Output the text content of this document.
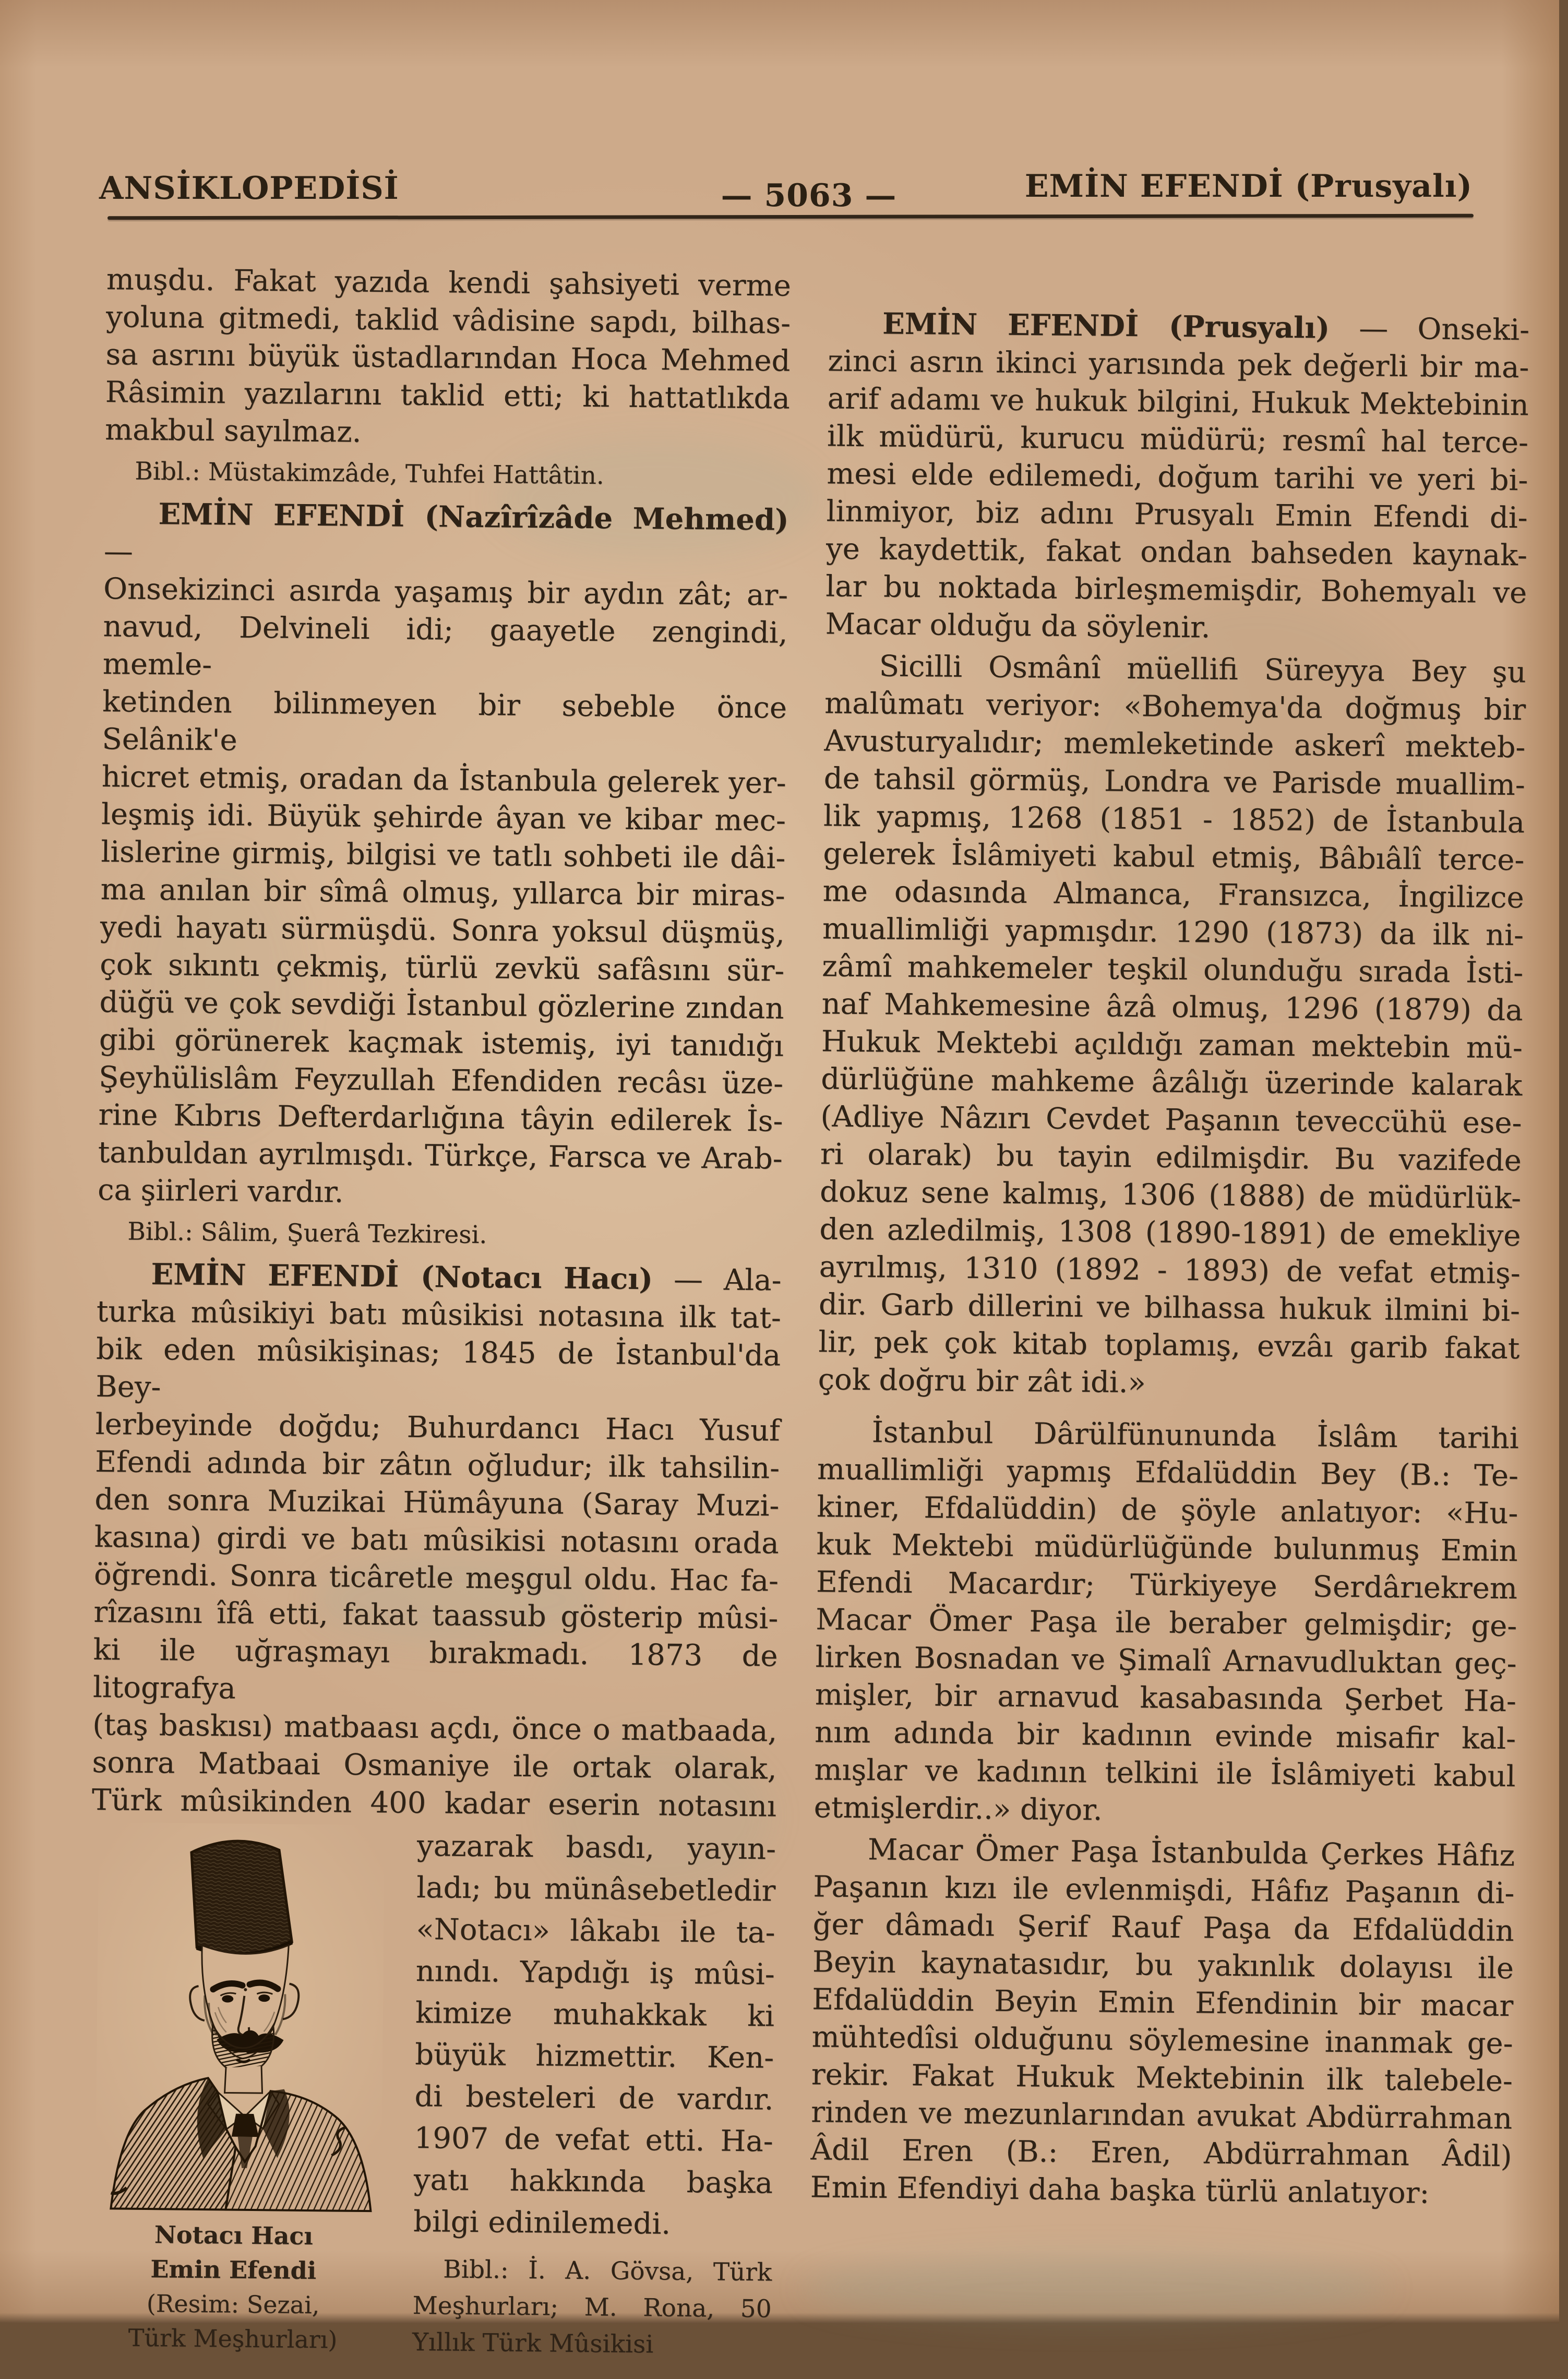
ANSİKLOPEDİSİ	— 5063 —	EMİN EFENDİ (Prusyalı)
muşdu. Fakat yazıda kendi şahsiyeti verme
yoluna gitmedi, taklid vâdisine sapdı, bilhas-
sa asrını büyük üstadlarından Hoca Mehmed
Râsimin yazılarını taklid etti; ki hattatlıkda
makbul sayılmaz.
Bibl.: Müstakimzâde, Tuhfei Hattâtin.
EMİN EFENDİ (Nazîrîzâde Mehmed) —
Onsekizinci asırda yaşamış bir aydın zât; ar-
navud, Delvineli idi; gaayetle zengindi, memle-
ketinden bilinmeyen bir sebeble önce Selânik'e
hicret etmiş, oradan da İstanbula gelerek yer-
leşmiş idi. Büyük şehirde âyan ve kibar mec-
lislerine girmiş, bilgisi ve tatlı sohbeti ile dâi-
ma anılan bir sîmâ olmuş, yıllarca bir miras-
yedi hayatı sürmüşdü. Sonra yoksul düşmüş,
çok sıkıntı çekmiş, türlü zevkü safâsını sür-
düğü ve çok sevdiği İstanbul gözlerine zından
gibi görünerek kaçmak istemiş, iyi tanıdığı
Şeyhülislâm Feyzullah Efendiden recâsı üze-
rine Kıbrıs Defterdarlığına tâyin edilerek İs-
tanbuldan ayrılmışdı. Türkçe, Farsca ve Arab-
ca şiirleri vardır.
Bibl.: Sâlim, Şuerâ Tezkiresi.
EMİN EFENDİ (Notacı Hacı) — Ala-
turka mûsikiyi batı mûsikisi notasına ilk tat-
bik eden mûsikişinas; 1845 de İstanbul'da Bey-
lerbeyinde doğdu; Buhurdancı Hacı Yusuf
Efendi adında bir zâtın oğludur; ilk tahsilin-
den sonra Muzikai Hümâyuna (Saray Muzi-
kasına) girdi ve batı mûsikisi notasını orada
öğrendi. Sonra ticâretle meşgul oldu. Hac fa-
rîzasını îfâ etti, fakat taassub gösterip mûsi-
ki ile uğraşmayı bırakmadı. 1873 de litografya
(taş baskısı) matbaası açdı, önce o matbaada,
sonra Matbaai Osmaniye ile ortak olarak,
Türk mûsikinden 400 kadar eserin notasını
Notacı Hacı
Emin Efendi
(Resim: Sezai,
Türk Meşhurları)
yazarak basdı, yayın-
ladı; bu münâsebetledir
«Notacı» lâkabı ile ta-
nındı. Yapdığı iş mûsi-
kimize muhakkak ki
büyük hizmettir. Ken-
di besteleri de vardır.
1907 de vefat etti. Ha-
yatı hakkında başka
bilgi edinilemedi.
Bibl.: İ. A. Gövsa, Türk
Meşhurları; M. Rona, 50
Yıllık Türk Mûsikisi
EMİN EFENDİ (Prusyalı) — Onseki-
zinci asrın ikinci yarısında pek değerli bir ma-
arif adamı ve hukuk bilgini, Hukuk Mektebinin
ilk müdürü, kurucu müdürü; resmî hal terce-
mesi elde edilemedi, doğum tarihi ve yeri bi-
linmiyor, biz adını Prusyalı Emin Efendi di-
ye kaydettik, fakat ondan bahseden kaynak-
lar bu noktada birleşmemişdir, Bohemyalı ve
Macar olduğu da söylenir.
Sicilli Osmânî müellifi Süreyya Bey şu
malûmatı veriyor: «Bohemya'da doğmuş bir
Avusturyalıdır; memleketinde askerî mekteb-
de tahsil görmüş, Londra ve Parisde muallim-
lik yapmış, 1268 (1851 - 1852) de İstanbula
gelerek İslâmiyeti kabul etmiş, Bâbıâlî terce-
me odasında Almanca, Fransızca, İngilizce
muallimliği yapmışdır. 1290 (1873) da ilk ni-
zâmî mahkemeler teşkil olunduğu sırada İsti-
naf Mahkemesine âzâ olmuş, 1296 (1879) da
Hukuk Mektebi açıldığı zaman mektebin mü-
dürlüğüne mahkeme âzâlığı üzerinde kalarak
(Adliye Nâzırı Cevdet Paşanın teveccühü ese-
ri olarak) bu tayin edilmişdir. Bu vazifede
dokuz sene kalmış, 1306 (1888) de müdürlük-
den azledilmiş, 1308 (1890-1891) de emekliye
ayrılmış, 1310 (1892 - 1893) de vefat etmiş-
dir. Garb dillerini ve bilhassa hukuk ilmini bi-
lir, pek çok kitab toplamış, evzâı garib fakat
çok doğru bir zât idi.»
İstanbul Dârülfünununda İslâm tarihi
muallimliği yapmış Efdalüddin Bey (B.: Te-
kiner, Efdalüddin) de şöyle anlatıyor: «Hu-
kuk Mektebi müdürlüğünde bulunmuş Emin
Efendi Macardır; Türkiyeye Serdârıekrem
Macar Ömer Paşa ile beraber gelmişdir; ge-
lirken Bosnadan ve Şimalî Arnavudluktan geç-
mişler, bir arnavud kasabasında Şerbet Ha-
nım adında bir kadının evinde misafir kal-
mışlar ve kadının telkini ile İslâmiyeti kabul
etmişlerdir..» diyor.
Macar Ömer Paşa İstanbulda Çerkes Hâfız
Paşanın kızı ile evlenmişdi, Hâfız Paşanın di-
ğer dâmadı Şerif Rauf Paşa da Efdalüddin
Beyin kaynatasıdır, bu yakınlık dolayısı ile
Efdalüddin Beyin Emin Efendinin bir macar
mühtedîsi olduğunu söylemesine inanmak ge-
rekir. Fakat Hukuk Mektebinin ilk talebele-
rinden ve mezunlarından avukat Abdürrahman
Âdil Eren (B.: Eren, Abdürrahman Âdil)
Emin Efendiyi daha başka türlü anlatıyor:
